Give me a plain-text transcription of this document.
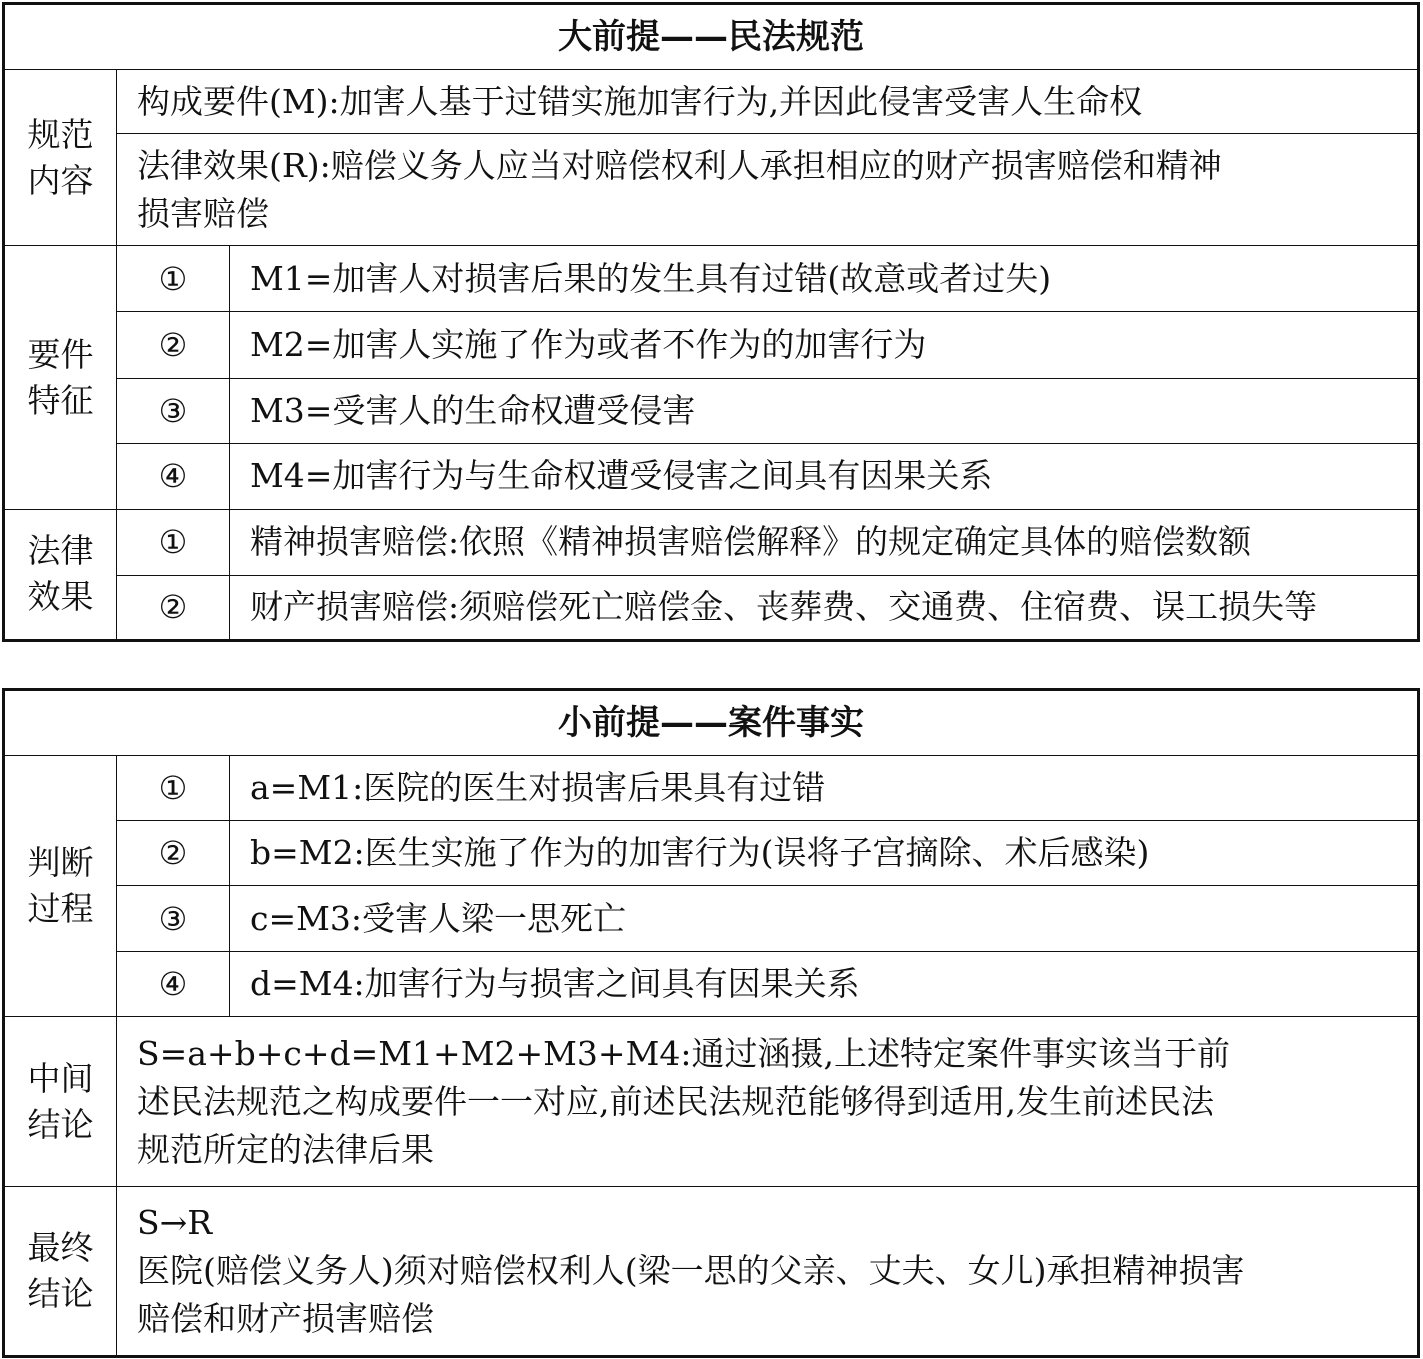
大前提——民法规范		

规范
内容	构成要件(M):加害人基于过错实施加害行为,并因此侵害受害人生命权	

	法律效果(R):赔偿义务人应当对赔偿权利人承担相应的财产损害赔偿和精神
损害赔偿	

要件
特征	①	M1=加害人对损害后果的发生具有过错(故意或者过失)
	②	M2=加害人实施了作为或者不作为的加害行为
	③	M3=受害人的生命权遭受侵害
	④	M4=加害行为与生命权遭受侵害之间具有因果关系

法律
效果	①	精神损害赔偿:依照《精神损害赔偿解释》的规定确定具体的赔偿数额
	②	财产损害赔偿:须赔偿死亡赔偿金、丧葬费、交通费、住宿费、误工损失等
小前提——案件事实		

判断
过程	①	a=M1:医院的医生对损害后果具有过错
	②	b=M2:医生实施了作为的加害行为(误将子宫摘除、术后感染)
	③	c=M3:受害人梁一思死亡
	④	d=M4:加害行为与损害之间具有因果关系

中间
结论	S=a+b+c+d=M1+M2+M3+M4:通过涵摄,上述特定案件事实该当于前
述民法规范之构成要件一一对应,前述民法规范能够得到适用,发生前述民法
规范所定的法律后果	

最终
结论	S→R
医院(赔偿义务人)须对赔偿权利人(梁一思的父亲、丈夫、女儿)承担精神损害
赔偿和财产损害赔偿	
